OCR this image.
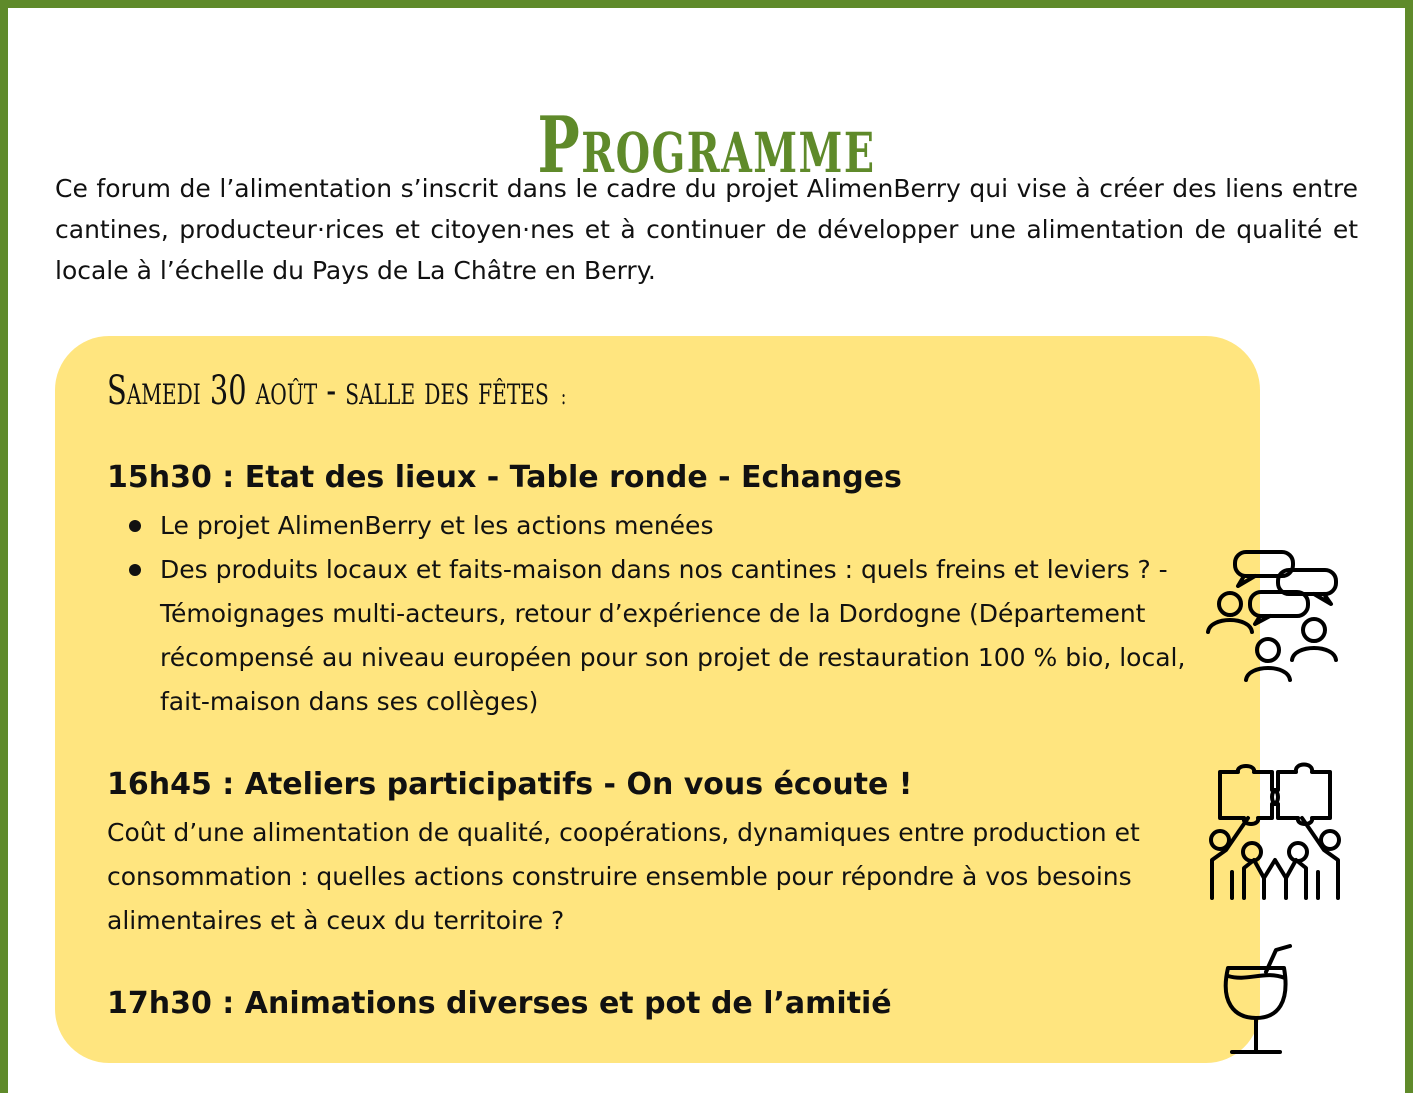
Programme

Ce forum de l’alimentation s’inscrit dans le cadre du projet AlimenBerry qui vise à créer des liens entre cantines, producteur·rices et citoyen·nes et à continuer de développer une alimentation de qualité et locale à l’échelle du Pays de La Châtre en Berry.

Samedi 30 août - salle des fêtes :
15h30 : Etat des lieux - Table ronde - Echanges
Le projet AlimenBerry et les actions menées
Des produits locaux et faits-maison dans nos cantines : quels freins et leviers ? - Témoignages multi-acteurs, retour d’expérience de la Dordogne (Département récompensé au niveau européen pour son projet de restauration 100 % bio, local, fait-maison dans ses collèges)
16h45 : Ateliers participatifs - On vous écoute !

Coût d’une alimentation de qualité, coopérations, dynamiques entre production et consommation : quelles actions construire ensemble pour répondre à vos besoins alimentaires et à ceux du territoire ?

17h30 : Animations diverses et pot de l’amitié
